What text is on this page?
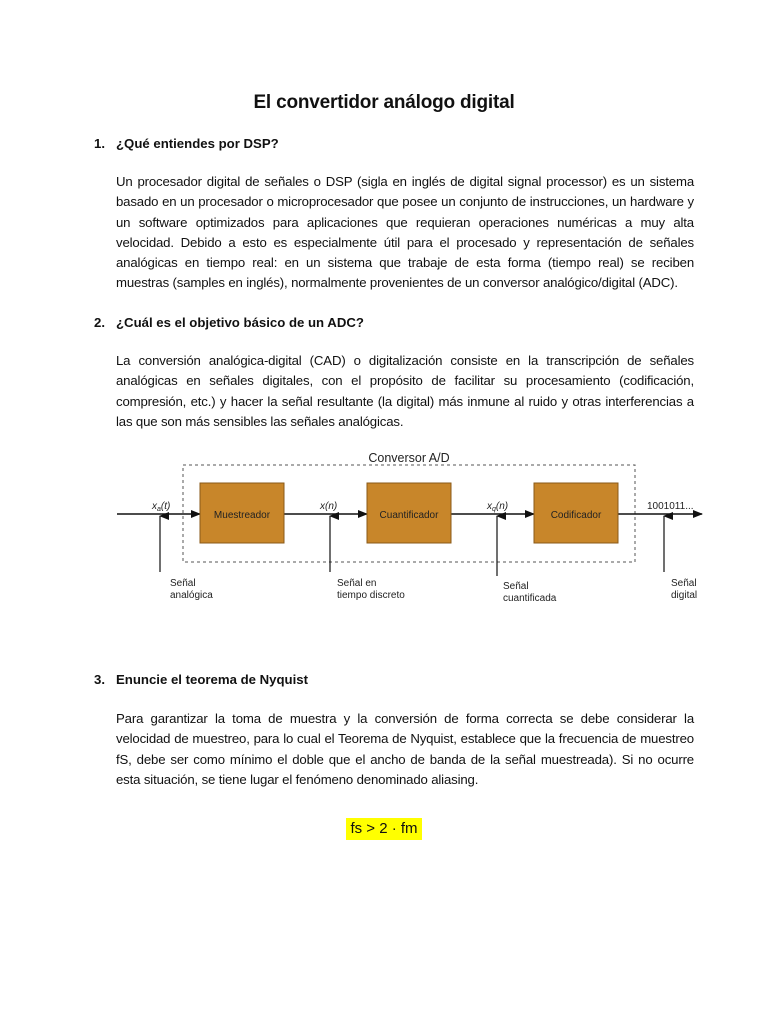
El convertidor análogo digital
1. ¿Qué entiendes por DSP?
Un procesador digital de señales o DSP (sigla en inglés de digital signal processor) es un sistema basado en un procesador o microprocesador que posee un conjunto de instrucciones, un hardware y un software optimizados para aplicaciones que requieran operaciones numéricas a muy alta velocidad. Debido a esto es especialmente útil para el procesado y representación de señales analógicas en tiempo real: en un sistema que trabaje de esta forma (tiempo real) se reciben muestras (samples en inglés), normalmente provenientes de un conversor analógico/digital (ADC).
2. ¿Cuál es el objetivo básico de un ADC?
La conversión analógica-digital (CAD) o digitalización consiste en la transcripción de señales analógicas en señales digitales, con el propósito de facilitar su procesamiento (codificación, compresión, etc.) y hacer la señal resultante (la digital) más inmune al ruido y otras interferencias a las que son más sensibles las señales analógicas.
Conversor A/D
Muestreador	Cuantificador	Codificador
$x_a(t)$	x(n)	$x_q(n)$	1001011...
Señal
analógica
Señal en
tiempo discreto
Señal
cuantificada
Señal
digital
3. Enuncie el teorema de Nyquist
Para garantizar la toma de muestra y la conversión de forma correcta se debe considerar la velocidad de muestreo, para lo cual el Teorema de Nyquist, establece que la frecuencia de muestreo fS, debe ser como mínimo el doble que el ancho de banda de la señal muestreada). Si no ocurre esta situación, se tiene lugar el fenómeno denominado aliasing.
fs > 2 · fm
